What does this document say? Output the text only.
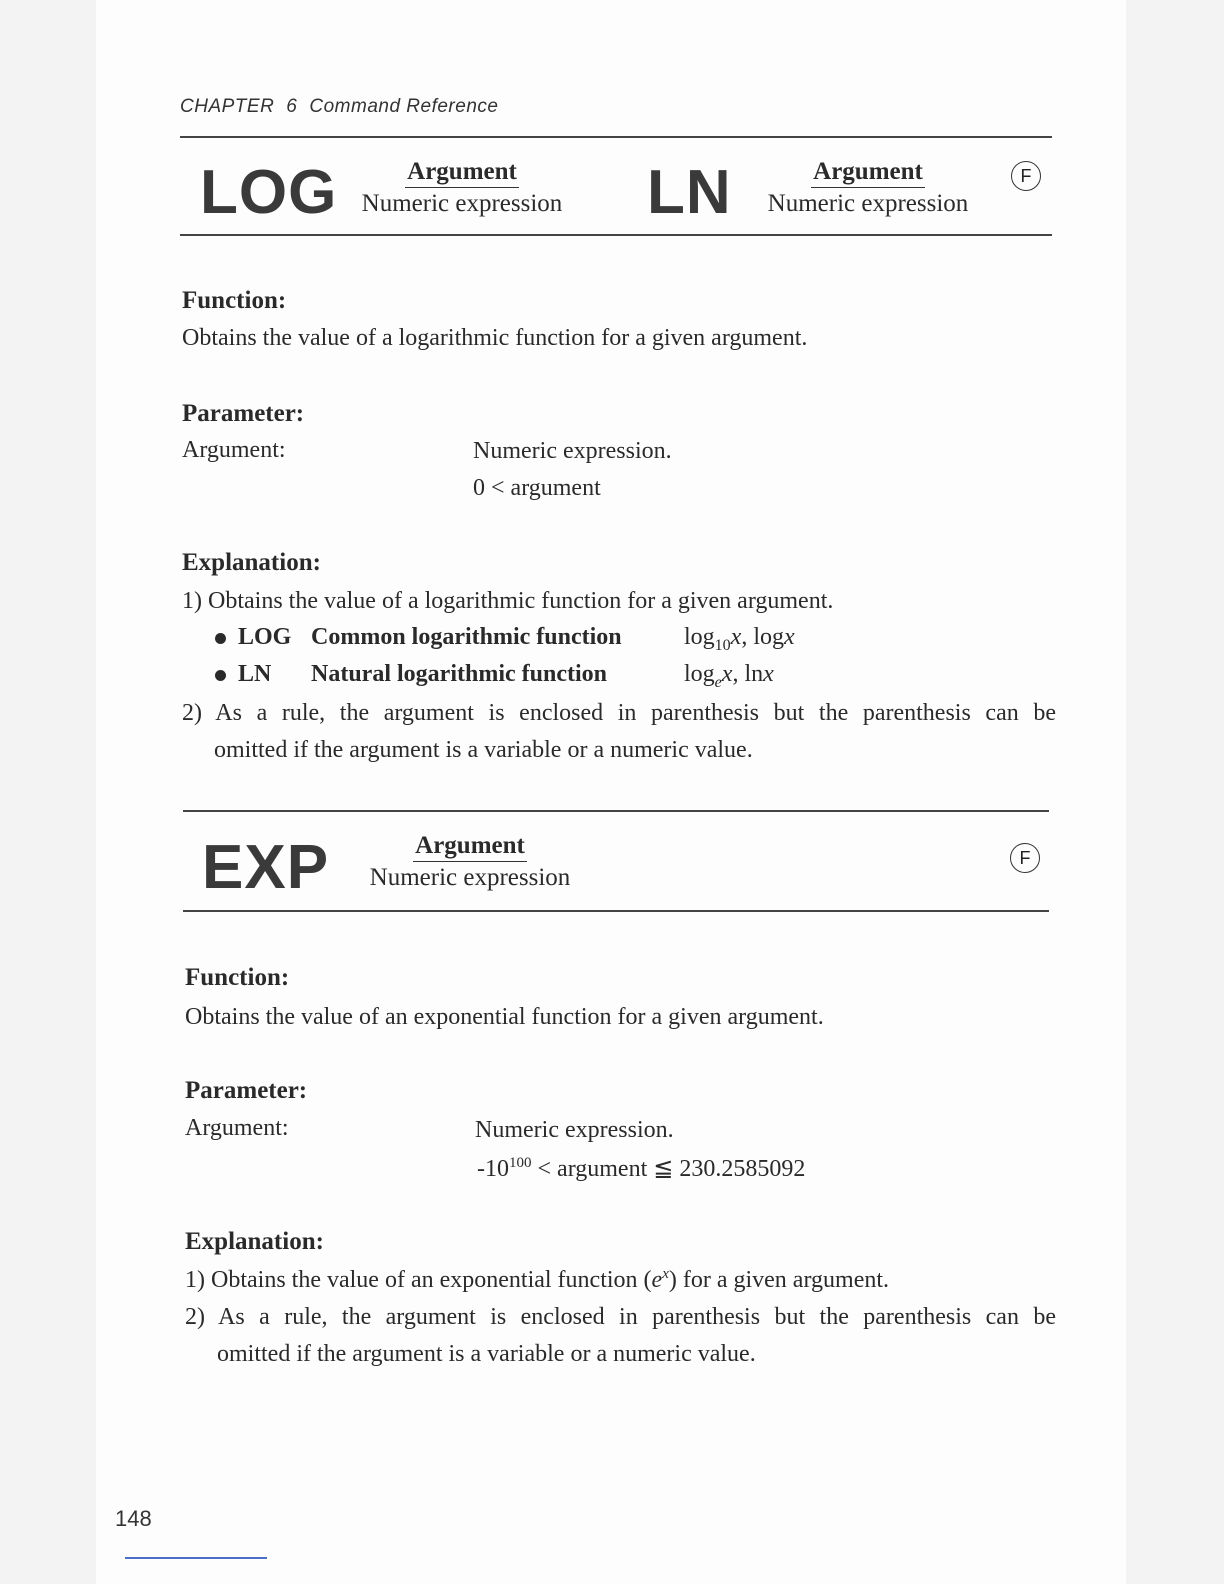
CHAPTER 6 Command Reference
LOG	Argument
Numeric expression LN	Argument
Numeric expression
F
Function:
Obtains the value of a logarithmic function for a given argument.
Parameter:
Argument:	Numeric expression.
0 < argument
Explanation:
1) Obtains the value of a logarithmic function for a given argument.
LOG Common logarithmic function	$\log_{10}x$, logx
LN Natural logarithmic function	$\log_ex$, lnx
2) As a rule, the argument is enclosed in parenthesis but the parenthesis can be
omitted if the argument is a variable or a numeric value.
EXP	Argument
Numeric expression
F
Function:
Obtains the value of an exponential function for a given argument.
Parameter:
Argument:	Numeric expression.
$-10^{100}$ < argument ≦ 230.2585092
Explanation:
1) Obtains the value of an exponential function $(e^x)$ for a given argument.
2) As a rule, the argument is enclosed in parenthesis but the parenthesis can be
omitted if the argument is a variable or a numeric value.
148
